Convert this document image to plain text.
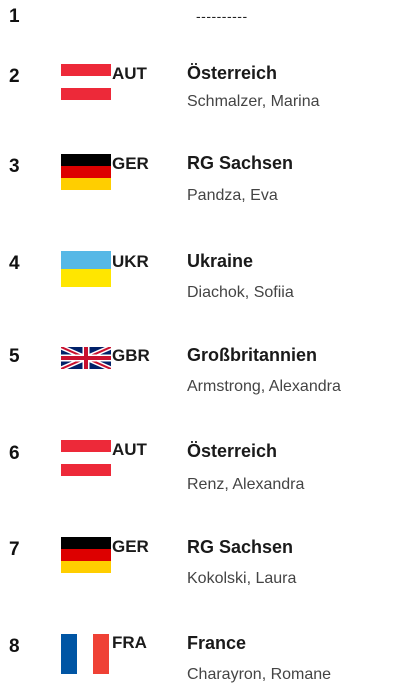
1	----------
2	AUT Österreich
Schmalzer, Marina
3	GER RG Sachsen
Pandza, Eva
4	UKR Ukraine
Diachok, Sofiia
5	GBR Großbritannien
Armstrong, Alexandra
6	AUT Österreich
Renz, Alexandra
7	GER RG Sachsen
Kokolski, Laura
8	FRA France
Charayron, Romane
